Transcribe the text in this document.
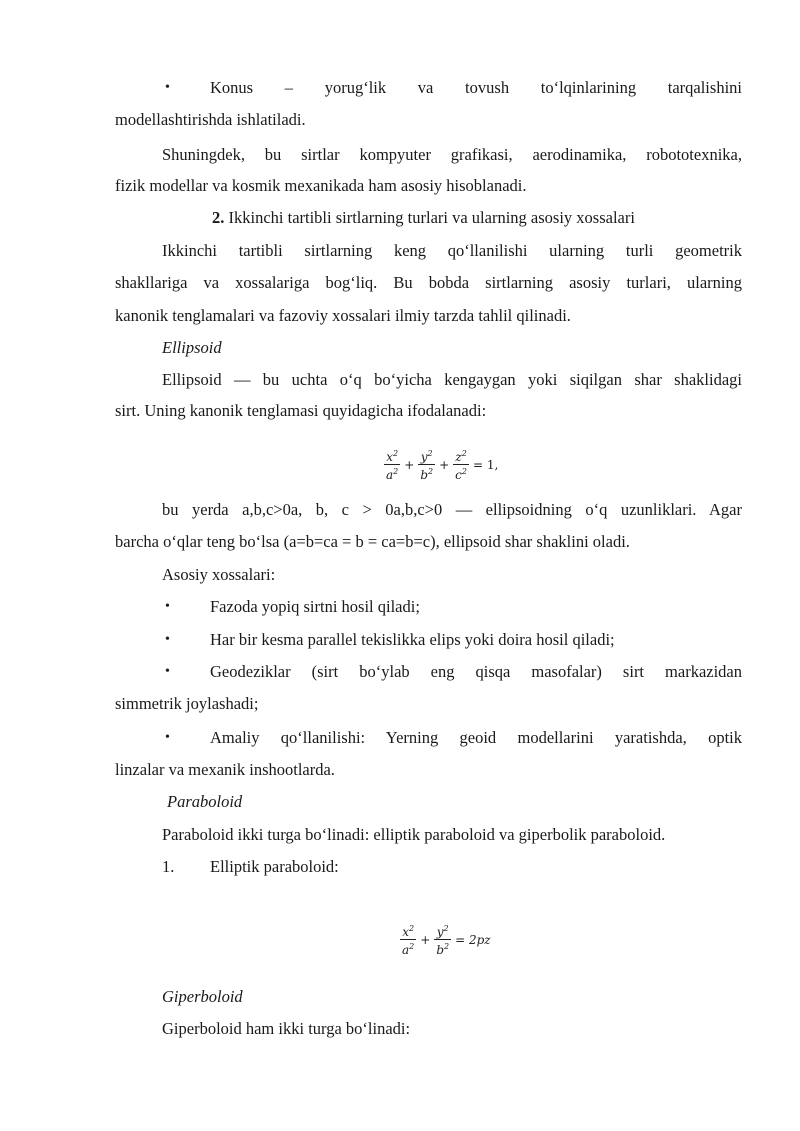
• Konus – yorug‘lik va tovush to‘lqinlarining tarqalishini
modellashtirishda ishlatiladi.
Shuningdek, bu sirtlar kompyuter grafikasi, aerodinamika, robototexnika,
fizik modellar va kosmik mexanikada ham asosiy hisoblanadi.
2. Ikkinchi tartibli sirtlarning turlari va ularning asosiy xossalari
Ikkinchi tartibli sirtlarning keng qo‘llanilishi ularning turli geometrik
shakllariga va xossalariga bog‘liq. Bu bobda sirtlarning asosiy turlari, ularning
kanonik tenglamalari va fazoviy xossalari ilmiy tarzda tahlil qilinadi.
Ellipsoid
Ellipsoid — bu uchta o‘q bo‘yicha kengaygan yoki siqilgan shar shaklidagi
sirt. Uning kanonik tenglamasi quyidagicha ifodalanadi:
$\frac{x^2}{a^2} + \frac{y^2}{b^2} + \frac{z^2}{c^2} = 1$,
bu yerda a,b,c>0a, b, c > 0a,b,c>0 — ellipsoidning o‘q uzunliklari. Agar
barcha o‘qlar teng bo‘lsa (a=b=ca = b = ca=b=c), ellipsoid shar shaklini oladi.
Asosiy xossalari:
• Fazoda yopiq sirtni hosil qiladi;
• Har bir kesma parallel tekislikka elips yoki doira hosil qiladi;
• Geodeziklar (sirt bo‘ylab eng qisqa masofalar) sirt markazidan
simmetrik joylashadi;
• Amaliy qo‘llanilishi: Yerning geoid modellarini yaratishda, optik
linzalar va mexanik inshootlarda.
Paraboloid
Paraboloid ikki turga bo‘linadi: elliptik paraboloid va giperbolik paraboloid.
1. Elliptik paraboloid:
$\frac{x^2}{a^2} + \frac{y^2}{b^2} = 2pz$
Giperboloid
Giperboloid ham ikki turga bo‘linadi:
